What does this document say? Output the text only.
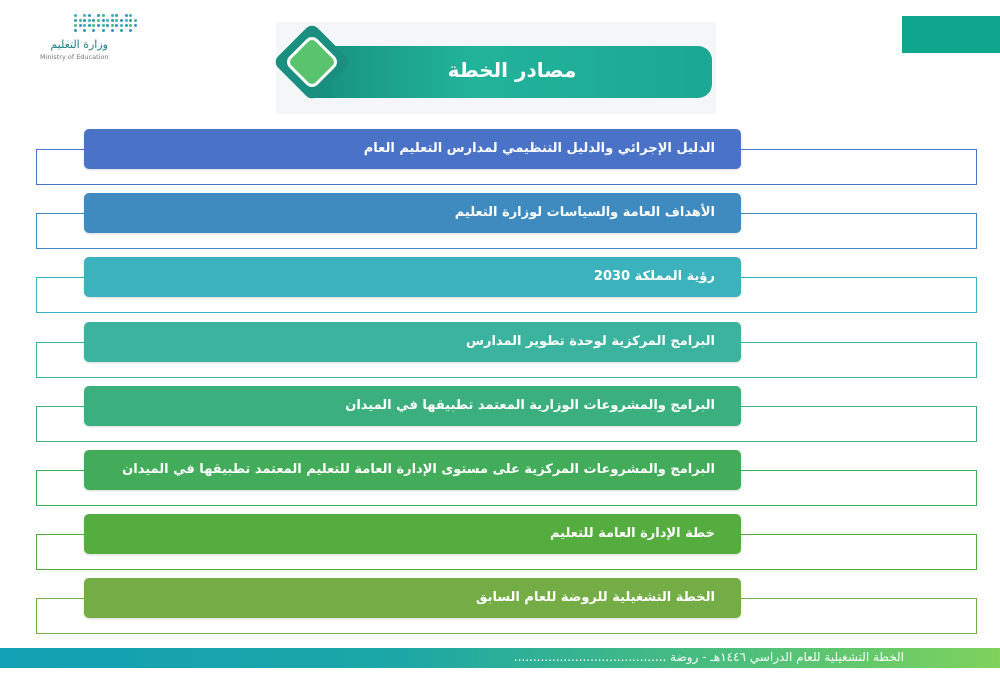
وزارة التعليم
Ministry of Education
مصادر الخطة
الدليل الإجرائي والدليل التنظيمي لمدارس التعليم العام
الأهداف العامة والسياسات لوزارة التعليم
رؤية المملكة 2030
البرامج المركزية لوحدة تطوير المدارس
البرامج والمشروعات الوزارية المعتمد تطبيقها في الميدان
البرامج والمشروعات المركزية على مستوى الإدارة العامة للتعليم المعتمد تطبيقها في الميدان
خطة الإدارة العامة للتعليم
الخطة التشغيلية للروضة للعام السابق
الخطة التشغيلية للعام الدراسي ١٤٤٦هـ - روضة ........................................
